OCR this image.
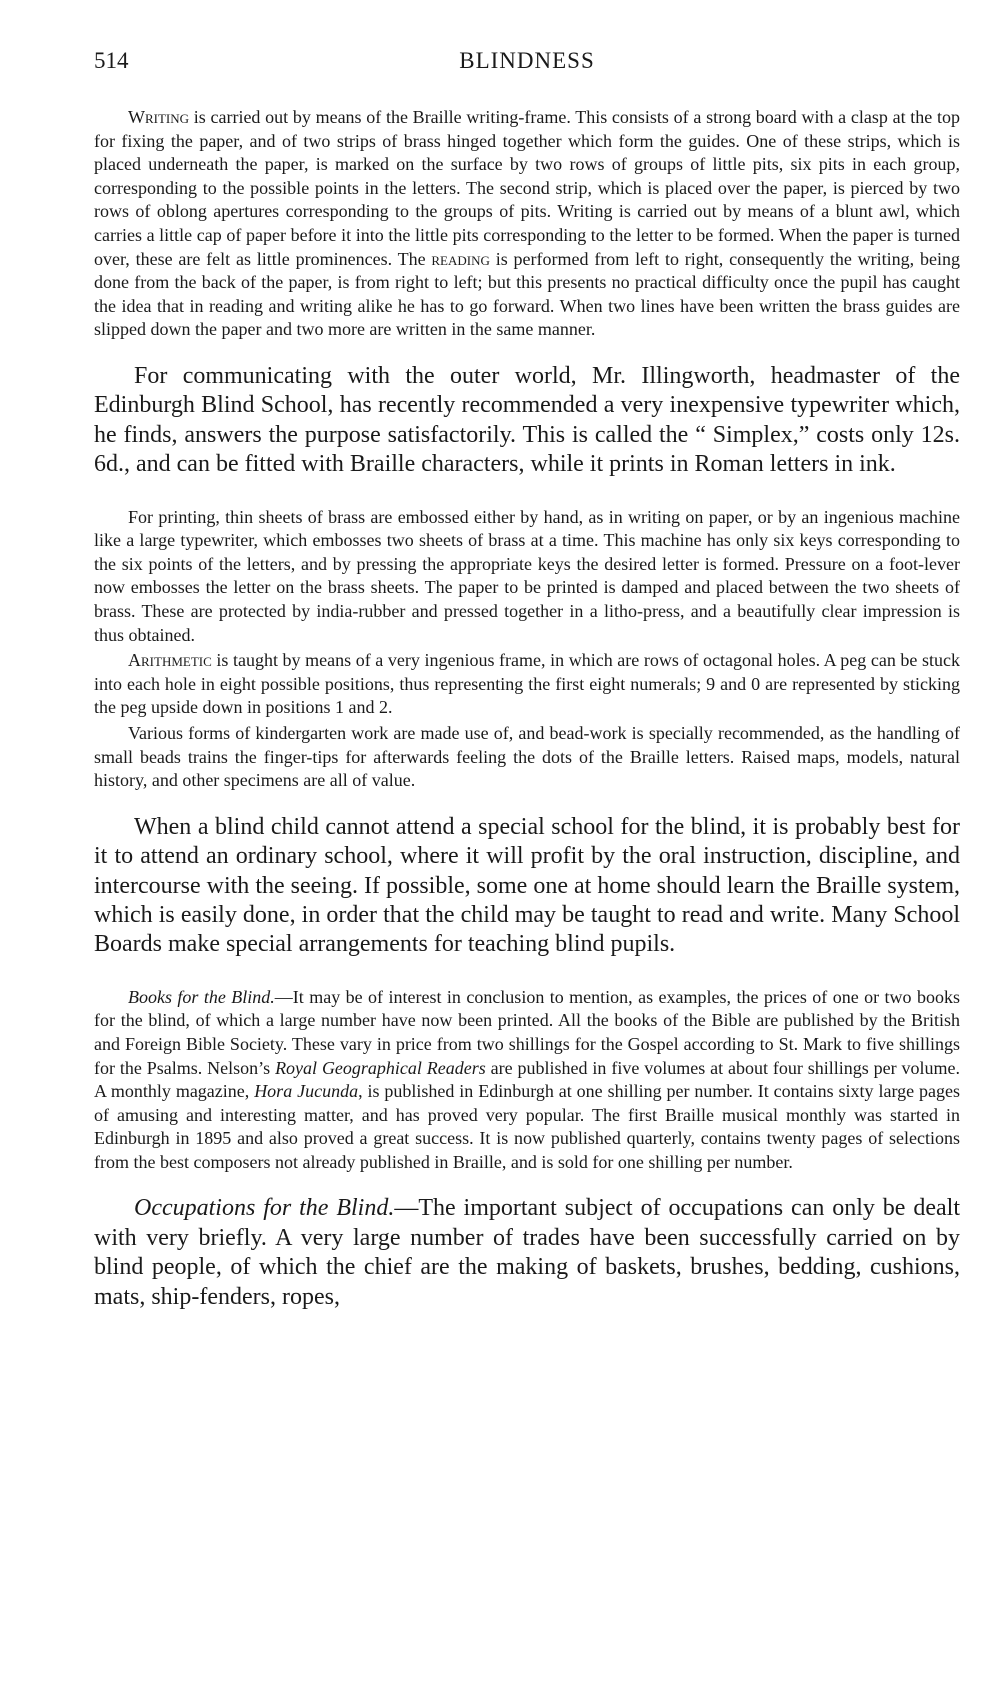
514	BLINDNESS

Writing is carried out by means of the Braille writing-frame. This consists of a strong board with a clasp at the top for fixing the paper, and of two strips of brass hinged together which form the guides. One of these strips, which is placed underneath the paper, is marked on the surface by two rows of groups of little pits, six pits in each group, corresponding to the possible points in the letters. The second strip, which is placed over the paper, is pierced by two rows of oblong apertures corresponding to the groups of pits. Writing is carried out by means of a blunt awl, which carries a little cap of paper before it into the little pits corresponding to the letter to be formed. When the paper is turned over, these are felt as little prominences. The reading is performed from left to right, consequently the writing, being done from the back of the paper, is from right to left; but this presents no practical difficulty once the pupil has caught the idea that in reading and writing alike he has to go forward. When two lines have been written the brass guides are slipped down the paper and two more are written in the same manner.

For communicating with the outer world, Mr. Illingworth, headmaster of the Edinburgh Blind School, has recently recommended a very inexpensive typewriter which, he finds, answers the purpose satisfactorily. This is called the “ Simplex,” costs only 12s. 6d., and can be fitted with Braille characters, while it prints in Roman letters in ink.

For printing, thin sheets of brass are embossed either by hand, as in writing on paper, or by an ingenious machine like a large typewriter, which embosses two sheets of brass at a time. This machine has only six keys corresponding to the six points of the letters, and by pressing the appropriate keys the desired letter is formed. Pressure on a foot-lever now embosses the letter on the brass sheets. The paper to be printed is damped and placed between the two sheets of brass. These are protected by india-rubber and pressed together in a litho-press, and a beautifully clear impression is thus obtained.

Arithmetic is taught by means of a very ingenious frame, in which are rows of octagonal holes. A peg can be stuck into each hole in eight possible positions, thus representing the first eight numerals; 9 and 0 are represented by sticking the peg upside down in positions 1 and 2.

Various forms of kindergarten work are made use of, and bead-work is specially recommended, as the handling of small beads trains the finger-tips for afterwards feeling the dots of the Braille letters. Raised maps, models, natural history, and other specimens are all of value.

When a blind child cannot attend a special school for the blind, it is probably best for it to attend an ordinary school, where it will profit by the oral instruction, discipline, and intercourse with the seeing. If possible, some one at home should learn the Braille system, which is easily done, in order that the child may be taught to read and write. Many School Boards make special arrangements for teaching blind pupils.

Books for the Blind.—It may be of interest in conclusion to mention, as examples, the prices of one or two books for the blind, of which a large number have now been printed. All the books of the Bible are published by the British and Foreign Bible Society. These vary in price from two shillings for the Gospel according to St. Mark to five shillings for the Psalms. Nelson’s Royal Geographical Readers are published in five volumes at about four shillings per volume. A monthly magazine, Hora Jucunda, is published in Edinburgh at one shilling per number. It contains sixty large pages of amusing and interesting matter, and has proved very popular. The first Braille musical monthly was started in Edinburgh in 1895 and also proved a great success. It is now published quarterly, contains twenty pages of selections from the best composers not already published in Braille, and is sold for one shilling per number.

Occupations for the Blind.—The important subject of occupations can only be dealt with very briefly. A very large number of trades have been successfully carried on by blind people, of which the chief are the making of baskets, brushes, bedding, cushions, mats, ship-fenders, ropes,
